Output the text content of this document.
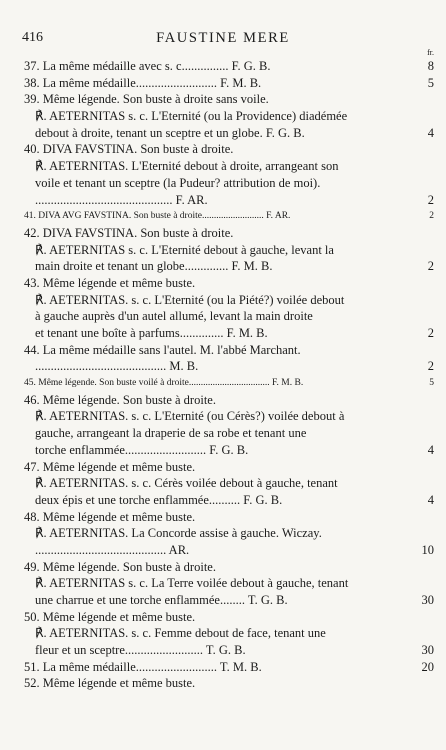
416	FAUSTINE MERE
fr.
37. La même médaille avec s. c............... F. G. B.	8
38. La même médaille.......................... F. M. B.	5
39. Même légende. Son buste à droite sans voile.
℟. AETERNITAS s. c. L'Eternité (ou la Providence) diadémée
debout à droite, tenant un sceptre et un globe. F. G. B.	4
40. DIVA FAVSTINA. Son buste à droite.
℟. AETERNITAS. L'Eternité debout à droite, arrangeant son
voile et tenant un sceptre (la Pudeur? attribution de moi).
............................................ F. AR.	2
41. DIVA AVG FAVSTINA. Son buste à droite.......................... F. AR.	2
42. DIVA FAVSTINA. Son buste à droite.
℟. AETERNITAS s. c. L'Eternité debout à gauche, levant la
main droite et tenant un globe.............. F. M. B.	2
43. Même légende et même buste.
℟. AETERNITAS. s. c. L'Eternité (ou la Piété?) voilée debout
à gauche auprès d'un autel allumé, levant la main droite
et tenant une boîte à parfums.............. F. M. B.	2
44. La même médaille sans l'autel. M. l'abbé Marchant.
.......................................... M. B.	2
45. Même légende. Son buste voilé à droite.................................. F. M. B.	5
46. Même légende. Son buste à droite.
℟. AETERNITAS. s. c. L'Eternité (ou Cérès?) voilée debout à
gauche, arrangeant la draperie de sa robe et tenant une
torche enflammée.......................... F. G. B.	4
47. Même légende et même buste.
℟. AETERNITAS. s. c. Cérès voilée debout à gauche, tenant
deux épis et une torche enflammée.......... F. G. B.	4
48. Même légende et même buste.
℟. AETERNITAS. La Concorde assise à gauche. Wiczay.
.......................................... AR.	10
49. Même légende. Son buste à droite.
℟. AETERNITAS s. c. La Terre voilée debout à gauche, tenant
une charrue et une torche enflammée........ T. G. B.	30
50. Même légende et même buste.
℟. AETERNITAS. s. c. Femme debout de face, tenant une
fleur et un sceptre......................... T. G. B.	30
51. La même médaille.......................... T. M. B.	20
52. Même légende et même buste.
